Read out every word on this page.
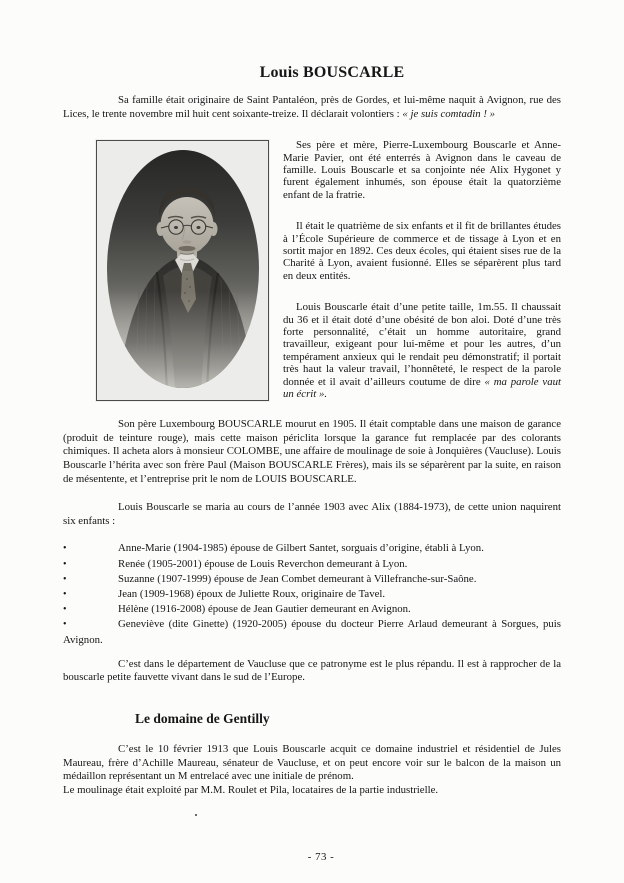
Louis BOUSCARLE

Sa famille était originaire de Saint Pantaléon, près de Gordes, et lui-même naquit à Avignon, rue des Lices, le trente novembre mil huit cent soixante-treize. Il déclarait volontiers : « je suis comtadin ! »

Ses père et mère, Pierre-Luxembourg Bouscarle et Anne-Marie Pavier, ont été enterrés à Avignon dans le caveau de famille. Louis Bouscarle et sa conjointe née Alix Hygonet y furent également inhumés, son épouse était la quatorzième enfant de la fratrie.

Il était le quatrième de six enfants et il fit de brillantes études à l’École Supérieure de commerce et de tissage à Lyon et en sortit major en 1892. Ces deux écoles, qui étaient sises rue de la Charité à Lyon, avaient fusionné. Elles se séparèrent plus tard en deux entités.

Louis Bouscarle était d’une petite taille, 1m.55. Il chaussait du 36 et il était doté d’une obésité de bon aloi. Doté d’une très forte personnalité, c’était un homme autoritaire, grand travailleur, exigeant pour lui-même et pour les autres, d’un tempérament anxieux qui le rendait peu démonstratif; il portait très haut la valeur travail, l’honnêteté, le respect de la parole donnée et il avait d’ailleurs coutume de dire « ma parole vaut un écrit ».

Son père Luxembourg BOUSCARLE mourut en 1905. Il était comptable dans une maison de garance (produit de teinture rouge), mais cette maison périclita lorsque la garance fut remplacée par des colorants chimiques. Il acheta alors à monsieur COLOMBE, une affaire de moulinage de soie à Jonquières (Vaucluse). Louis Bouscarle l’hérita avec son frère Paul (Maison BOUSCARLE Frères), mais ils se séparèrent par la suite, en raison de mésentente, et l’entreprise prit le nom de LOUIS BOUSCARLE.

Louis Bouscarle se maria au cours de l’année 1903 avec Alix (1884-1973), de cette union naquirent six enfants :

•	Anne-Marie (1904-1985) épouse de Gilbert Santet, sorguais d’origine, établi à Lyon.
•	Renée (1905-2001) épouse de Louis Reverchon demeurant à Lyon.
•	Suzanne (1907-1999) épouse de Jean Combet demeurant à Villefranche-sur-Saône.
•	Jean (1909-1968) époux de Juliette Roux, originaire de Tavel.
•	Hélène (1916-2008) épouse de Jean Gautier demeurant en Avignon.
•	Geneviève (dite Ginette) (1920-2005) épouse du docteur Pierre Arlaud demeurant à Sorgues, puis Avignon.

C’est dans le département de Vaucluse que ce patronyme est le plus répandu. Il est à rapprocher de la bouscarle petite fauvette vivant dans le sud de l’Europe.

Le domaine de Gentilly

C’est le 10 février 1913 que Louis Bouscarle acquit ce domaine industriel et résidentiel de Jules Maureau, frère d’Achille Maureau, sénateur de Vaucluse, et on peut encore voir sur le balcon de la maison un médaillon représentant un M entrelacé avec une initiale de prénom.

Le moulinage était exploité par M.M. Roulet et Pila, locataires de la partie industrielle.

- 73 -
